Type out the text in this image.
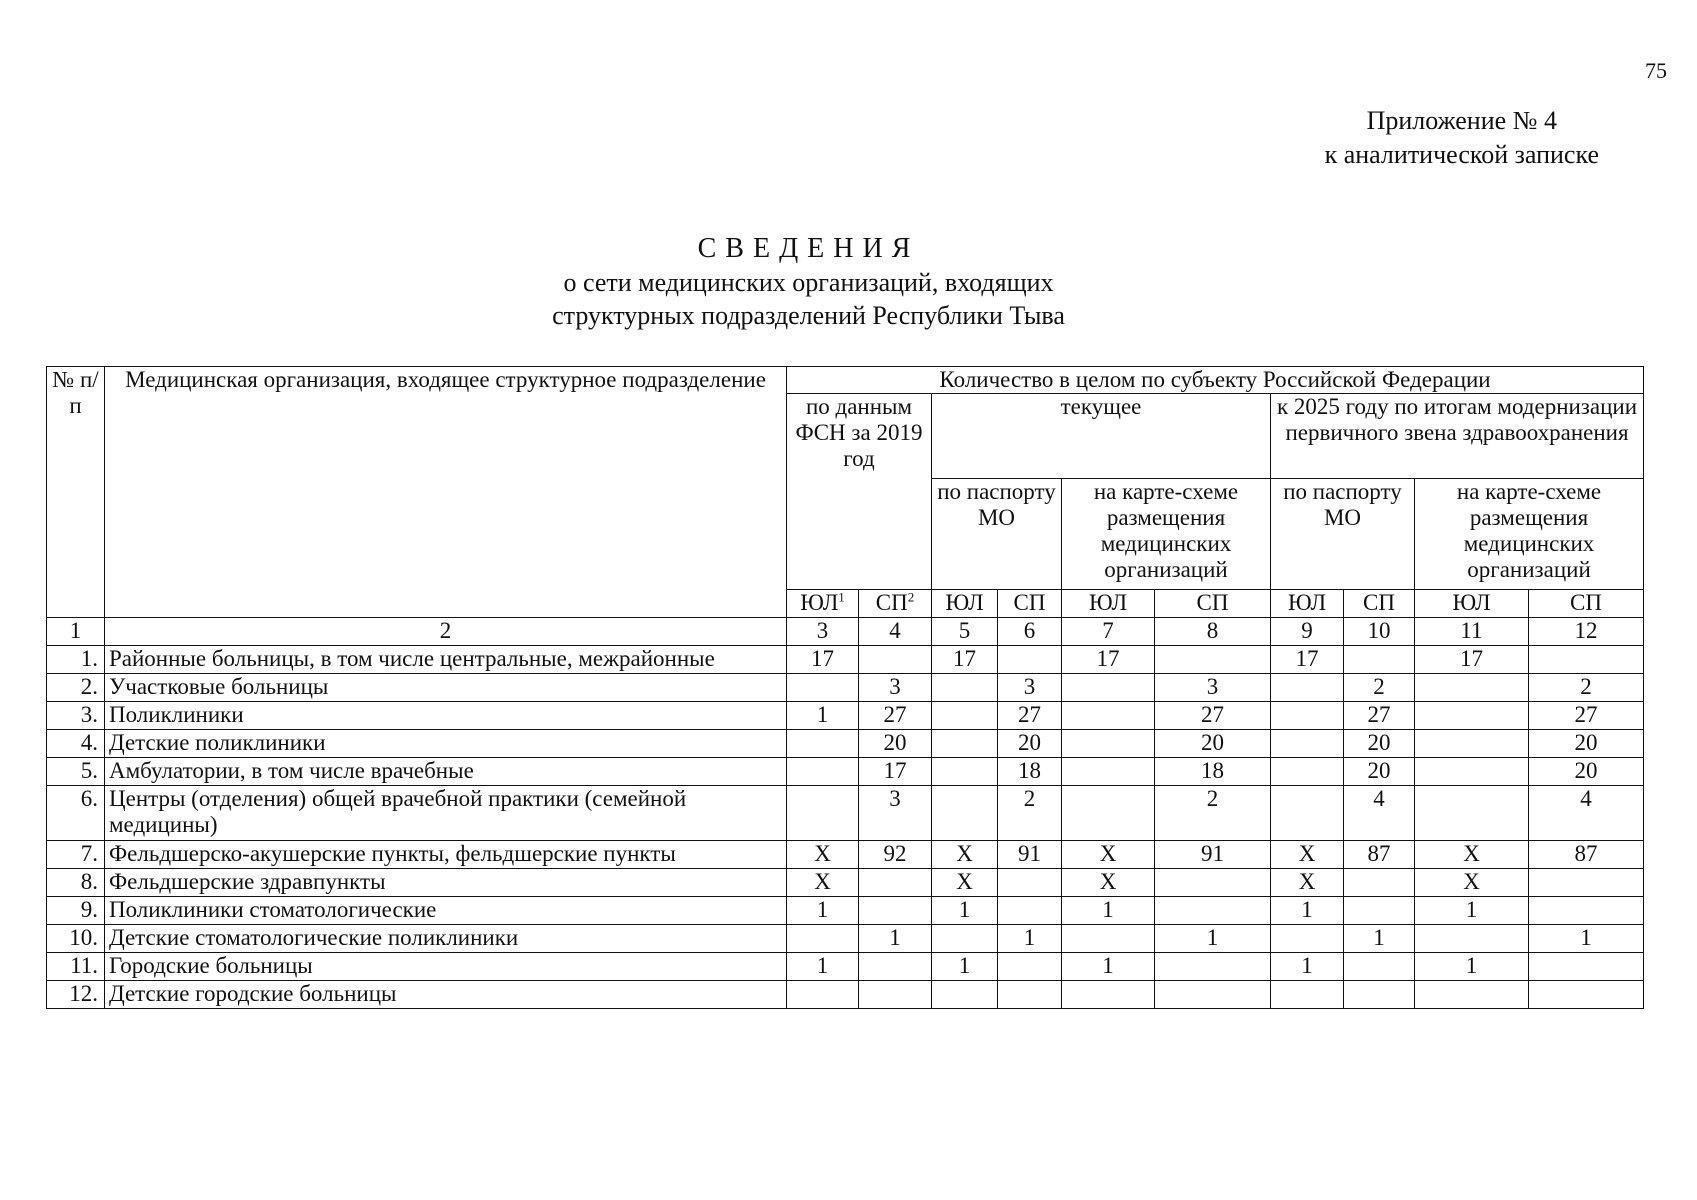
75
Приложение № 4
к аналитической записке
СВЕДЕНИЯ
о сети медицинских организаций, входящих
структурных подразделений Республики Тыва
№ п/п	Медицинская организация, входящее структурное подразделение	Количество в целом по субъекту Российской Федерации									
		по данным ФСН за 2019 год		текущее				к 2025 году по итогам модернизации первичного звена здравоохранения			
				по паспорту МО		на карте-схеме размещения медицинских организаций		по паспорту МО		на карте-схеме размещения медицинских организаций	
		$ЮЛ^1$	$СП^2$	ЮЛ	СП	ЮЛ	СП	ЮЛ	СП	ЮЛ	СП
1	2	3	4	5	6	7	8	9	10	11	12
1.	Районные больницы, в том числе центральные, межрайонные	17		17		17		17		17	
2.	Участковые больницы		3		3		3		2		2
3.	Поликлиники	1	27		27		27		27		27
4.	Детские поликлиники		20		20		20		20		20
5.	Амбулатории, в том числе врачебные		17		18		18		20		20
6.	Центры (отделения) общей врачебной практики (семейной медицины)		3		2		2		4		4
7.	Фельдшерско-акушерские пункты, фельдшерские пункты	Х	92	Х	91	Х	91	Х	87	Х	87
8.	Фельдшерские здравпункты	Х		Х		Х		Х		Х	
9.	Поликлиники стоматологические	1		1		1		1		1	
10.	Детские стоматологические поликлиники		1		1		1		1		1
11.	Городские больницы	1		1		1		1		1	
12.	Детские городские больницы										
